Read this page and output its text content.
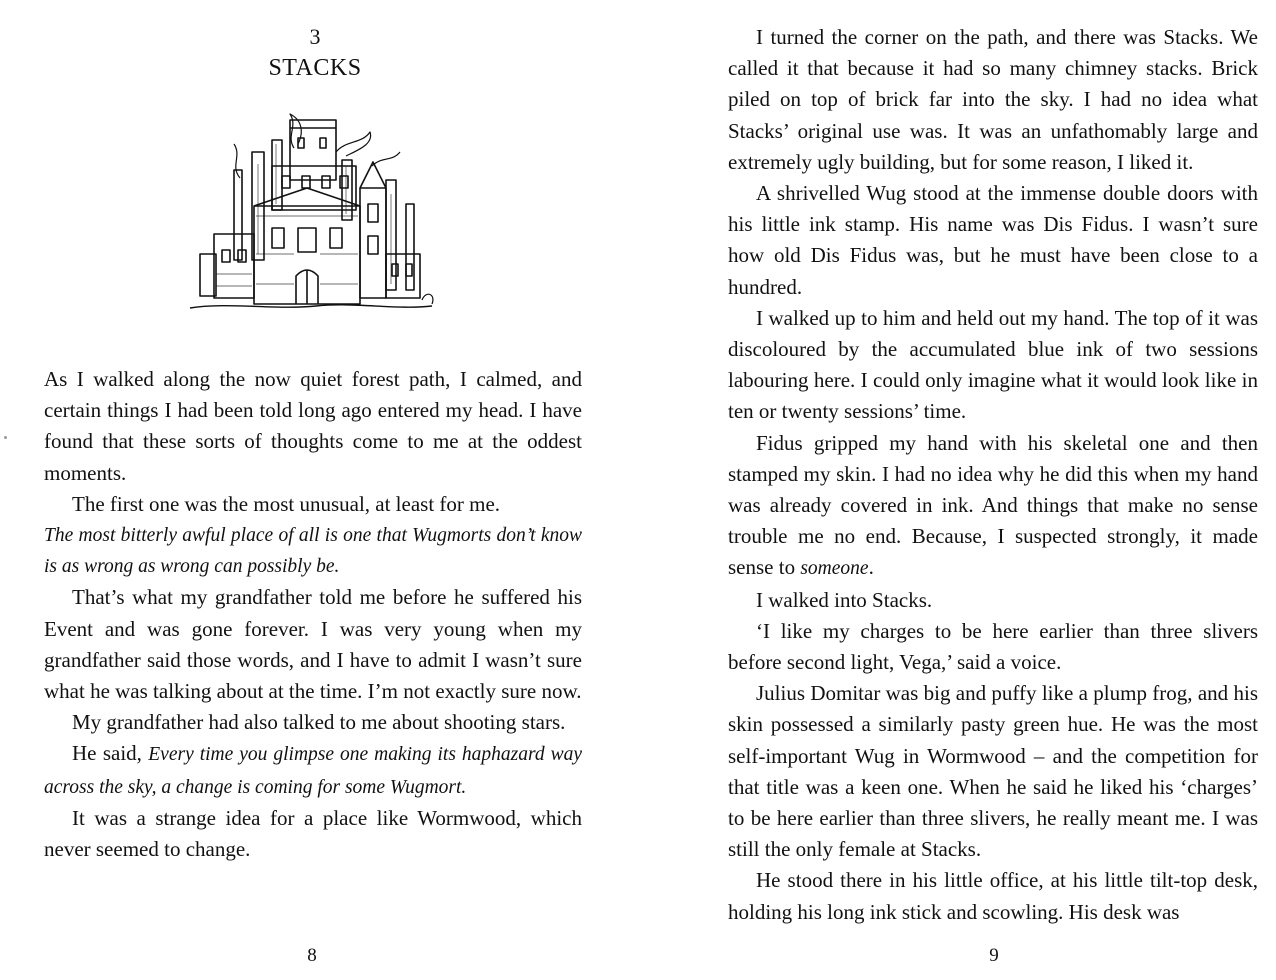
3
STACKS

As I walked along the now quiet forest path, I calmed, and certain things I had been told long ago entered my head. I have found that these sorts of thoughts come to me at the oddest moments.

The first one was the most unusual, at least for me.

The most bitterly awful place of all is one that Wugmorts don’t know is as wrong as wrong can possibly be.

That’s what my grandfather told me before he suffered his Event and was gone forever. I was very young when my grandfather said those words, and I have to admit I wasn’t sure what he was talking about at the time. I’m not exactly sure now.

My grandfather had also talked to me about shooting stars.

He said, Every time you glimpse one making its haphazard way across the sky, a change is coming for some Wugmort.

It was a strange idea for a place like Wormwood, which never seemed to change.

8

I turned the corner on the path, and there was Stacks. We called it that because it had so many chimney stacks. Brick piled on top of brick far into the sky. I had no idea what Stacks’ original use was. It was an unfathomably large and extremely ugly building, but for some reason, I liked it.

A shrivelled Wug stood at the immense double doors with his little ink stamp. His name was Dis Fidus. I wasn’t sure how old Dis Fidus was, but he must have been close to a hundred.

I walked up to him and held out my hand. The top of it was discoloured by the accumulated blue ink of two sessions labouring here. I could only imagine what it would look like in ten or twenty sessions’ time.

Fidus gripped my hand with his skeletal one and then stamped my skin. I had no idea why he did this when my hand was already covered in ink. And things that make no sense trouble me no end. Because, I suspected strongly, it made sense to someone.

I walked into Stacks.

‘I like my charges to be here earlier than three slivers before second light, Vega,’ said a voice.

Julius Domitar was big and puffy like a plump frog, and his skin possessed a similarly pasty green hue. He was the most self-important Wug in Wormwood – and the competition for that title was a keen one. When he said he liked his ‘charges’ to be here earlier than three slivers, he really meant me. I was still the only female at Stacks.

He stood there in his little office, at his little tilt-top desk, holding his long ink stick and scowling. His desk was

9
